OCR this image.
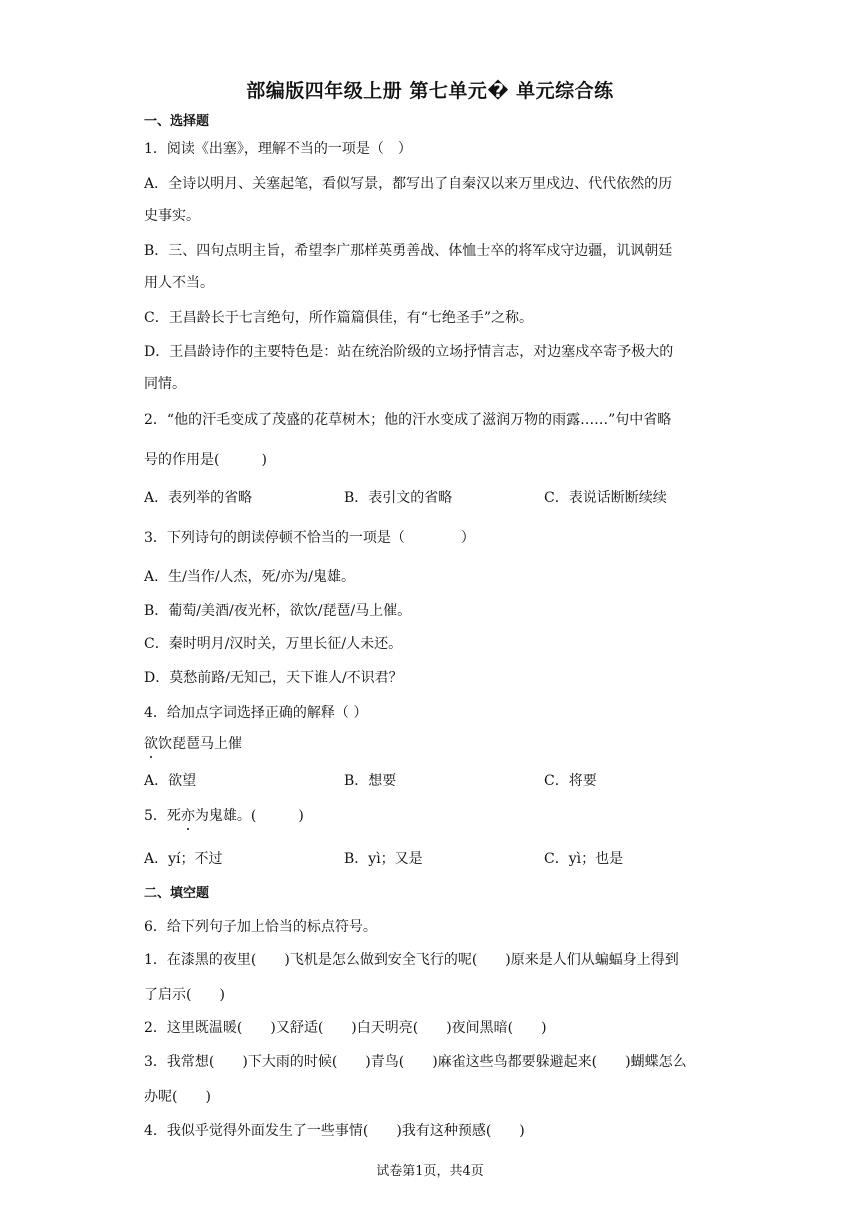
部编版四年级上册 第七单元� 单元综合练
一、选择题
1．阅读《出塞》，理解不当的一项是（　）
A．全诗以明月、关塞起笔，看似写景，都写出了自秦汉以来万里戍边、代代依然的历
史事实。
B．三、四句点明主旨，希望李广那样英勇善战、体恤士卒的将军戍守边疆，讥讽朝廷
用人不当。
C．王昌龄长于七言绝句，所作篇篇俱佳，有“七绝圣手”之称。
D．王昌龄诗作的主要特色是：站在统治阶级的立场抒情言志，对边塞戍卒寄予极大的
同情。
2．“他的汗毛变成了茂盛的花草树木；他的汗水变成了滋润万物的雨露……”句中省略
号的作用是(　　　)
A．表列举的省略	B．表引文的省略	C．表说话断断续续
3．下列诗句的朗读停顿不恰当的一项是（　　　　）
A．生/当作/人杰，死/亦为/鬼雄。
B．葡萄/美酒/夜光杯，欲饮/琵琶/马上催。
C．秦时明月/汉时关，万里长征/人未还。
D．莫愁前路/无知己，天下谁人/不识君？
4．给加点字词选择正确的解释（ ）
欲饮琵琶马上催
A．欲望	B．想要	C．将要
5．死亦为鬼雄。(　　　)
A．yí；不过	B．yì；又是	C．yì；也是
二、填空题
6．给下列句子加上恰当的标点符号。
1．在漆黑的夜里(　　)飞机是怎么做到安全飞行的呢(　　)原来是人们从蝙蝠身上得到
了启示(　　)
2．这里既温暖(　　)又舒适(　　)白天明亮(　　)夜间黑暗(　　)
3．我常想(　　)下大雨的时候(　　)青鸟(　　)麻雀这些鸟都要躲避起来(　　)蝴蝶怎么
办呢(　　)
4．我似乎觉得外面发生了一些事情(　　)我有这种预感(　　)
试卷第1页，共4页
